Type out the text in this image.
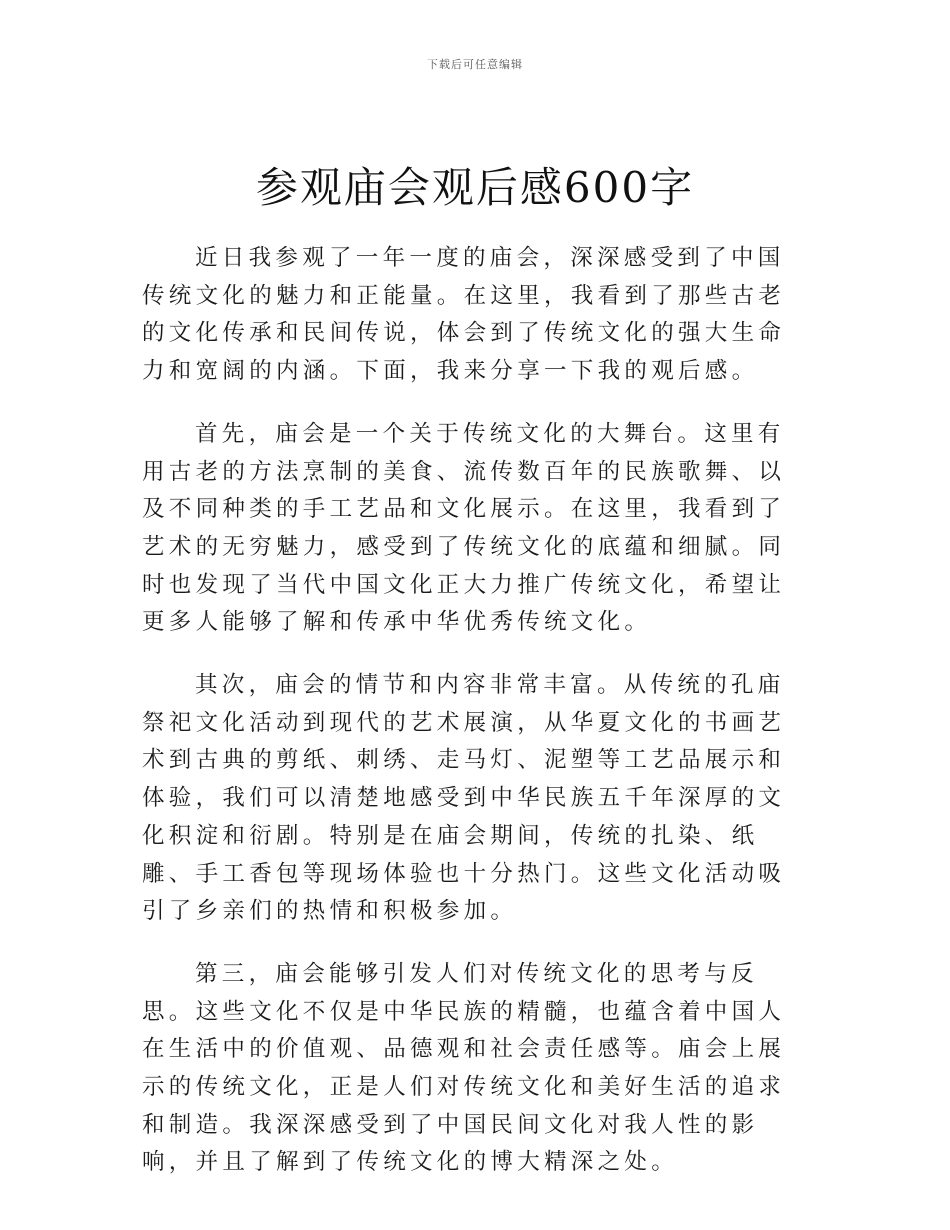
下载后可任意编辑
参观庙会观后感600字

近日我参观了一年一度的庙会，深深感受到了中国传统文化的魅力和正能量。在这里，我看到了那些古老的文化传承和民间传说，体会到了传统文化的强大生命力和宽阔的内涵。下面，我来分享一下我的观后感。

首先，庙会是一个关于传统文化的大舞台。这里有用古老的方法烹制的美食、流传数百年的民族歌舞、以及不同种类的手工艺品和文化展示。在这里，我看到了艺术的无穷魅力，感受到了传统文化的底蕴和细腻。同时也发现了当代中国文化正大力推广传统文化，希望让更多人能够了解和传承中华优秀传统文化。

其次，庙会的情节和内容非常丰富。从传统的孔庙祭祀文化活动到现代的艺术展演，从华夏文化的书画艺术到古典的剪纸、刺绣、走马灯、泥塑等工艺品展示和体验，我们可以清楚地感受到中华民族五千年深厚的文化积淀和衍剧。特别是在庙会期间，传统的扎染、纸雕、手工香包等现场体验也十分热门。这些文化活动吸引了乡亲们的热情和积极参加。

第三，庙会能够引发人们对传统文化的思考与反思。这些文化不仅是中华民族的精髓，也蕴含着中国人在生活中的价值观、品德观和社会责任感等。庙会上展示的传统文化，正是人们对传统文化和美好生活的追求和制造。我深深感受到了中国民间文化对我人性的影响，并且了解到了传统文化的博大精深之处。
